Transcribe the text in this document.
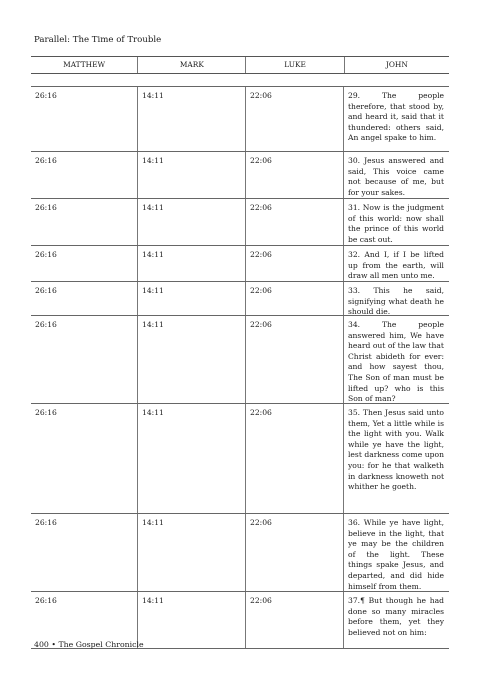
Parallel: The Time of Trouble
MATTHEW	MARK	LUKE	JOHN
26:16	14:11	22:06	29. The people therefore, that stood by, and heard it, said that it thundered: others said, An angel spake to him.
26:16	14:11	22:06	30. Jesus answered and said, This voice came not because of me, but for your sakes.
26:16	14:11	22:06	31. Now is the judgment of this world: now shall the prince of this world be cast out.
26:16	14:11	22:06	32. And I, if I be lifted up from the earth, will draw all men unto me.
26:16	14:11	22:06	33. This he said, signifying what death he should die.
26:16	14:11	22:06	34. The people answered him, We have heard out of the law that Christ abideth for ever: and how sayest thou, The Son of man must be lifted up? who is this Son of man?
26:16	14:11	22:06	35. Then Jesus said unto them, Yet a little while is the light with you. Walk while ye have the light, lest darkness come upon you: for he that walketh in darkness knoweth not whither he goeth.
26:16	14:11	22:06	36. While ye have light, believe in the light, that ye may be the children of the light. These things spake Jesus, and departed, and did hide himself from them.
26:16	14:11	22:06	37.¶ But though he had done so many miracles before them, yet they believed not on him:
400 • The Gospel Chronicle
